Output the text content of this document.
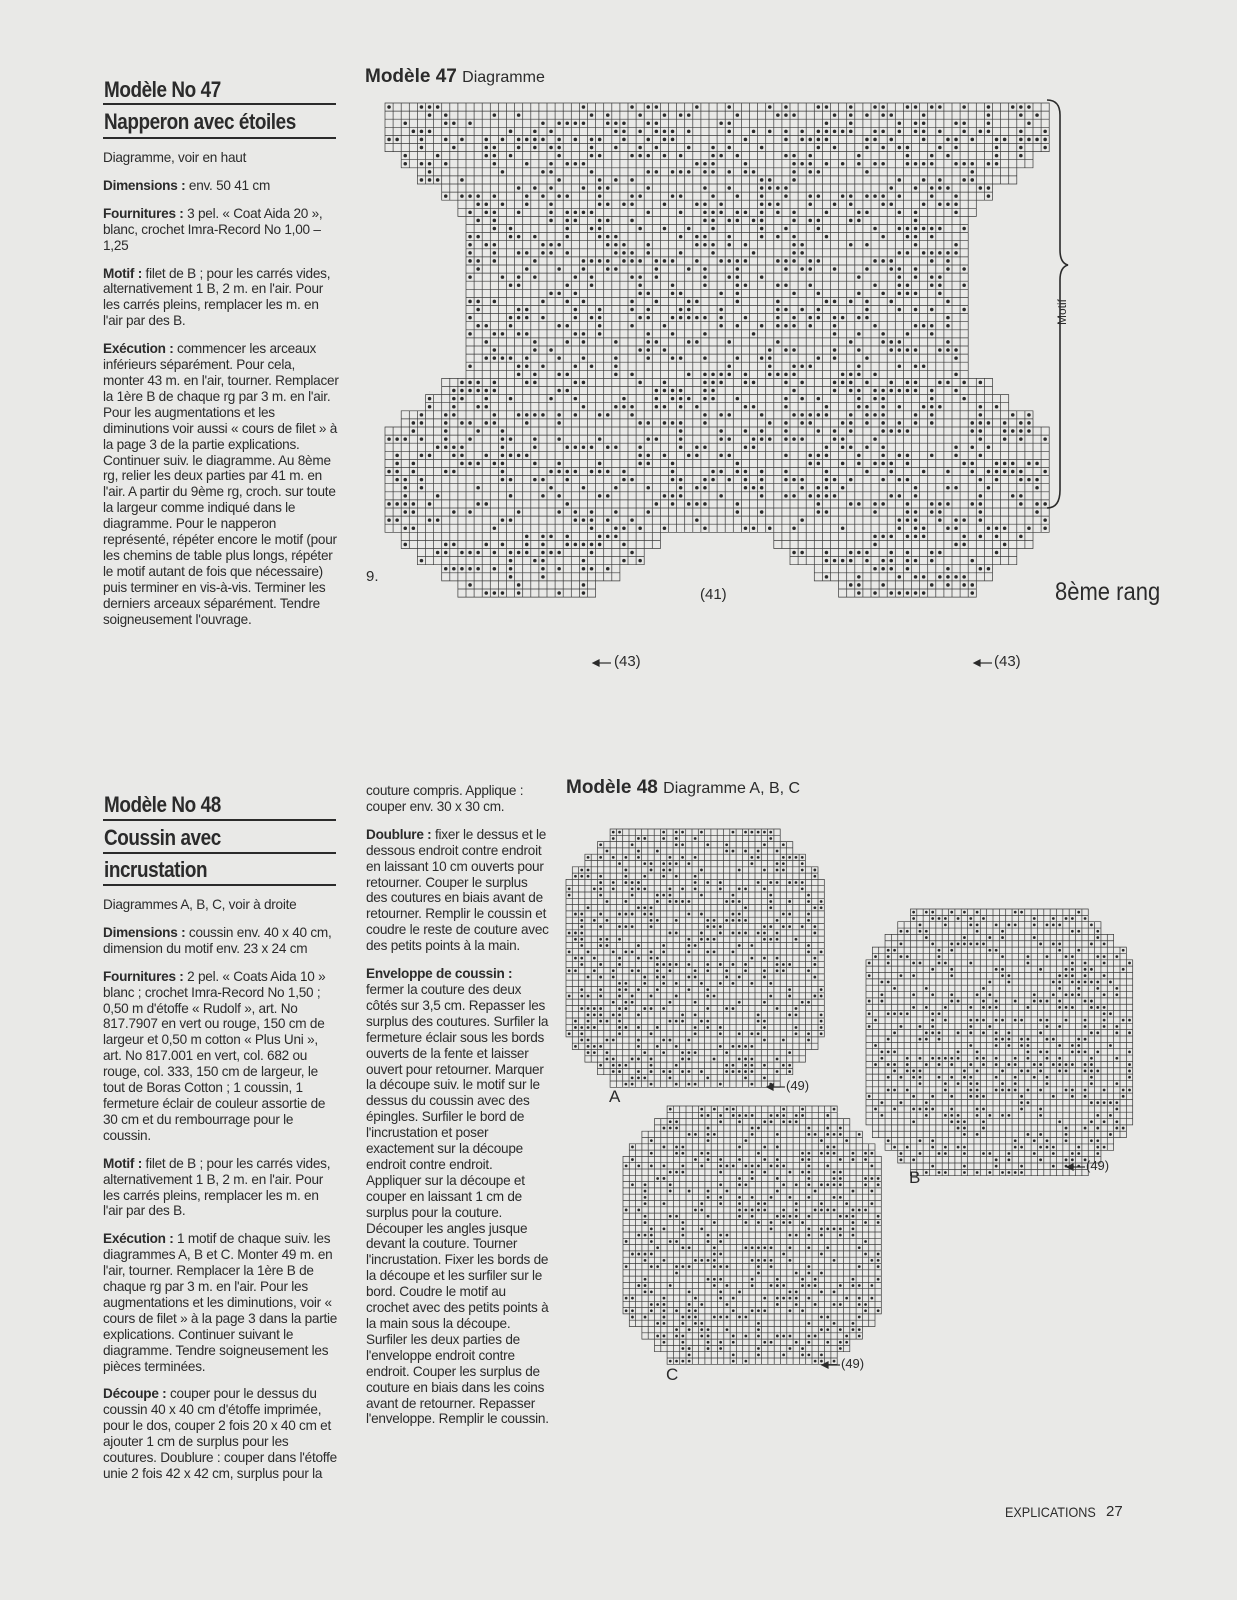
Modèle No 47
Napperon avec étoiles

Diagramme, voir en haut

Dimensions : env. 50 41 cm

Fournitures : 3 pel. « Coat Aida 20 », blanc, crochet Imra-Record No 1,00 – 1,25

Motif : filet de B ; pour les carrés vides, alternativement 1 B, 2 m. en l'air. Pour les carrés pleins, remplacer les m. en l'air par des B.

Exécution : commencer les arceaux inférieurs séparément. Pour cela, monter 43 m. en l'air, tourner. Remplacer la 1ère B de chaque rg par 3 m. en l'air. Pour les augmentations et les diminutions voir aussi « cours de filet » à la page 3 de la partie explications. Continuer suiv. le diagramme. Au 8ème rg, relier les deux parties par 41 m. en l'air. A partir du 9ème rg, croch. sur toute la largeur comme indiqué dans le diagramme. Pour le napperon représenté, répéter encore le motif (pour les chemins de table plus longs, répéter le motif autant de fois que nécessaire) puis terminer en vis-à-vis. Terminer les derniers arceaux séparément. Tendre soigneusement l'ouvrage.

Modèle 47 Diagramme
Motif
9.
(41)
(43)	(43)
8ème rang
Modèle No 48
Coussin avec
incrustation

Diagrammes A, B, C, voir à droite

Dimensions : coussin env. 40 x 40 cm, dimension du motif env. 23 x 24 cm

Fournitures : 2 pel. « Coats Aida 10 » blanc ; crochet Imra-Record No 1,50 ; 0,50 m d'étoffe « Rudolf », art. No 817.7907 en vert ou rouge, 150 cm de largeur et 0,50 m cotton « Plus Uni », art. No 817.001 en vert, col. 682 ou rouge, col. 333, 150 cm de largeur, le tout de Boras Cotton ; 1 coussin, 1 fermeture éclair de couleur assortie de 30 cm et du rembourrage pour le coussin.

Motif : filet de B ; pour les carrés vides, alternativement 1 B, 2 m. en l'air. Pour les carrés pleins, remplacer les m. en l'air par des B.

Exécution : 1 motif de chaque suiv. les diagrammes A, B et C. Monter 49 m. en l'air, tourner. Remplacer la 1ère B de chaque rg par 3 m. en l'air. Pour les augmentations et les diminutions, voir « cours de filet » à la page 3 dans la partie explications. Continuer suivant le diagramme. Tendre soigneusement les pièces terminées.

Découpe : couper pour le dessus du coussin 40 x 40 cm d'étoffe imprimée, pour le dos, couper 2 fois 20 x 40 cm et ajouter 1 cm de surplus pour les coutures. Doublure : couper dans l'étoffe unie 2 fois 42 x 42 cm, surplus pour la

couture compris. Applique : couper env. 30 x 30 cm.

Doublure : fixer le dessus et le dessous endroit contre endroit en laissant 10 cm ouverts pour retourner. Couper le surplus des coutures en biais avant de retourner. Remplir le coussin et coudre le reste de couture avec des petits points à la main.

Enveloppe de coussin : fermer la couture des deux côtés sur 3,5 cm. Repasser les surplus des coutures. Surfiler la fermeture éclair sous les bords ouverts de la fente et laisser ouvert pour retourner. Marquer la découpe suiv. le motif sur le dessus du coussin avec des épingles. Surfiler le bord de l'incrustation et poser exactement sur la découpe endroit contre endroit. Appliquer sur la découpe et couper en laissant 1 cm de surplus pour la couture. Découper les angles jusque devant la couture. Tourner l'incrustation. Fixer les bords de la découpe et les surfiler sur le bord. Coudre le motif au crochet avec des petits points à la main sous la découpe. Surfiler les deux parties de l'enveloppe endroit contre endroit. Couper les surplus de couture en biais dans les coins avant de retourner. Repasser l'enveloppe. Remplir le coussin.

Modèle 48 Diagramme A, B, C
A
B
C
(49)
(49)
(49)
EXPLICATIONS 27
